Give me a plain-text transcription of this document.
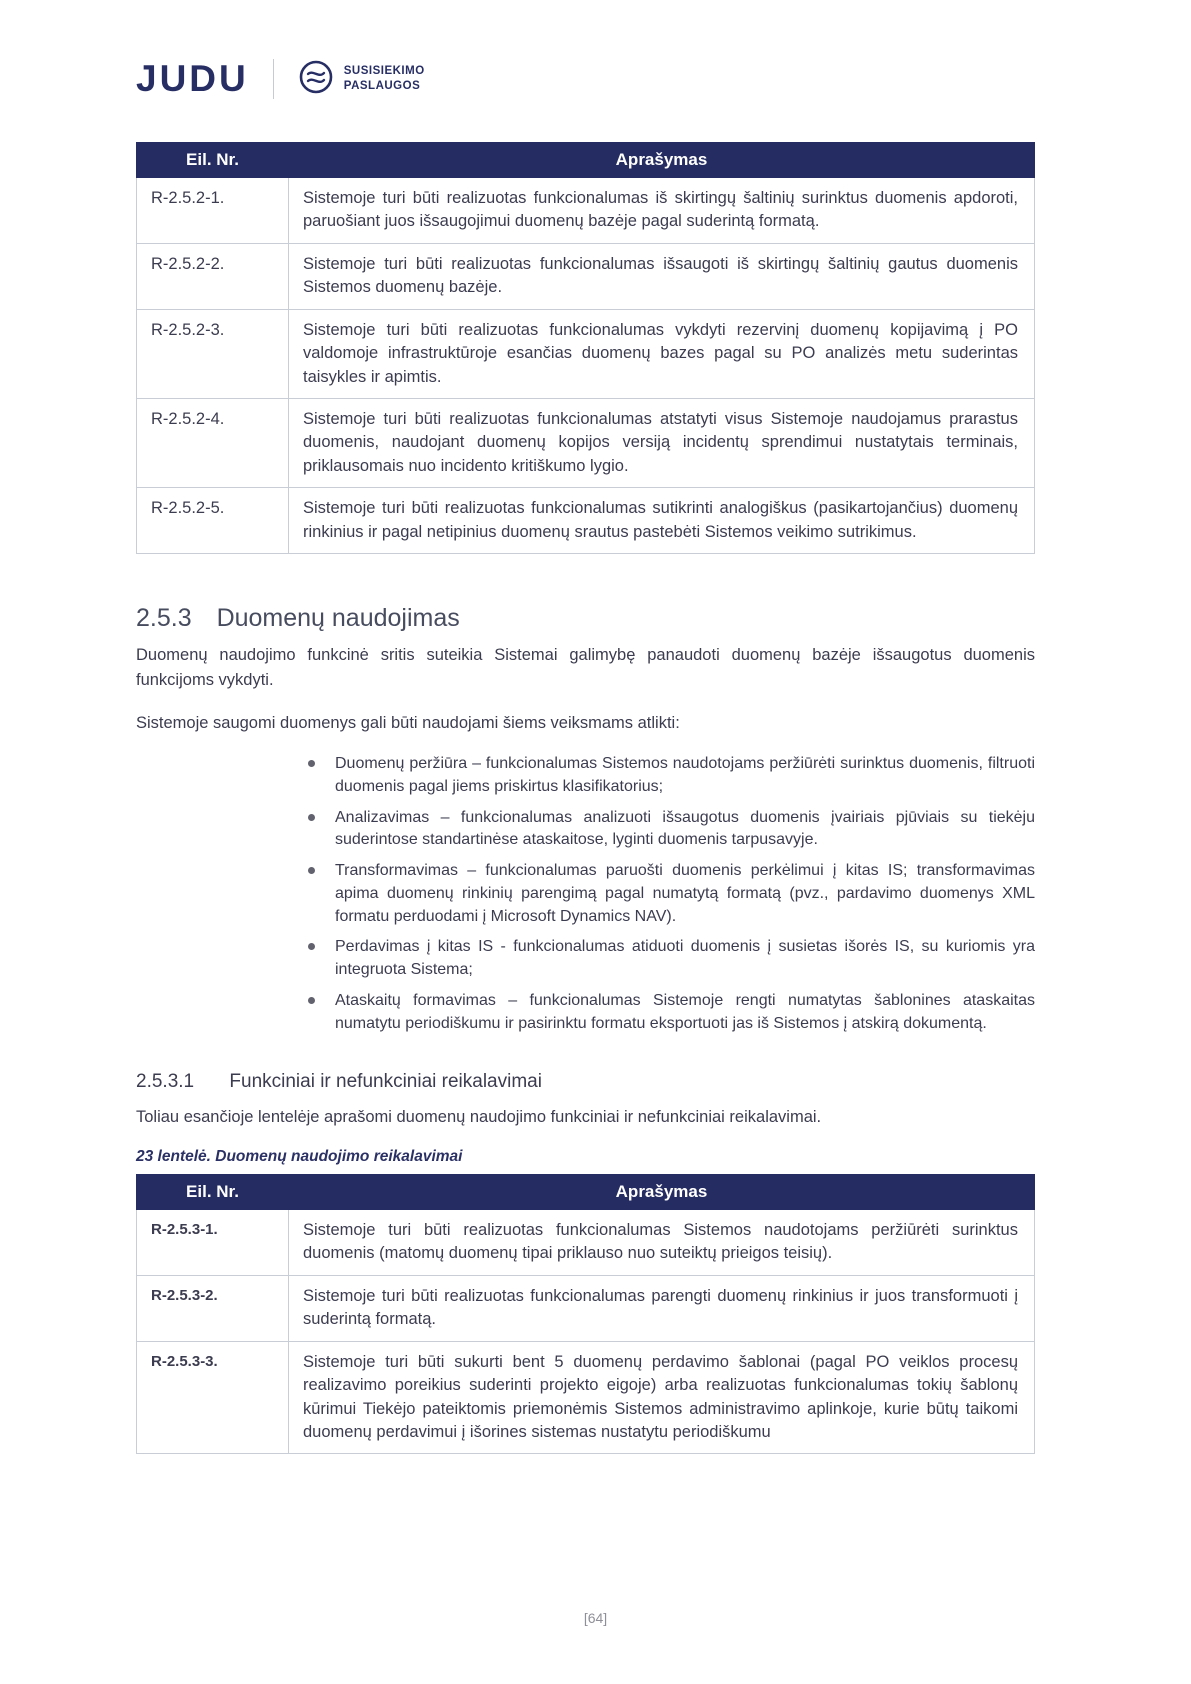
JUDU	SUSISIEKIMO
PASLAUGOS
Eil. Nr.	Aprašymas
R-2.5.2-1.	Sistemoje turi būti realizuotas funkcionalumas iš skirtingų šaltinių surinktus duomenis apdoroti, paruošiant juos išsaugojimui duomenų bazėje pagal suderintą formatą.
R-2.5.2-2.	Sistemoje turi būti realizuotas funkcionalumas išsaugoti iš skirtingų šaltinių gautus duomenis Sistemos duomenų bazėje.
R-2.5.2-3.	Sistemoje turi būti realizuotas funkcionalumas vykdyti rezervinį duomenų kopijavimą į PO valdomoje infrastruktūroje esančias duomenų bazes pagal su PO analizės metu suderintas taisykles ir apimtis.
R-2.5.2-4.	Sistemoje turi būti realizuotas funkcionalumas atstatyti visus Sistemoje naudojamus prarastus duomenis, naudojant duomenų kopijos versiją incidentų sprendimui nustatytais terminais, priklausomais nuo incidento kritiškumo lygio.
R-2.5.2-5.	Sistemoje turi būti realizuotas funkcionalumas sutikrinti analogiškus (pasikartojančius) duomenų rinkinius ir pagal netipinius duomenų srautus pastebėti Sistemos veikimo sutrikimus.
2.5.3 Duomenų naudojimas

Duomenų naudojimo funkcinė sritis suteikia Sistemai galimybę panaudoti duomenų bazėje išsaugotus duomenis funkcijoms vykdyti.

Sistemoje saugomi duomenys gali būti naudojami šiems veiksmams atlikti:

Duomenų peržiūra – funkcionalumas Sistemos naudotojams peržiūrėti surinktus duomenis, filtruoti duomenis pagal jiems priskirtus klasifikatorius;
Analizavimas – funkcionalumas analizuoti išsaugotus duomenis įvairiais pjūviais su tiekėju suderintose standartinėse ataskaitose, lyginti duomenis tarpusavyje.
Transformavimas – funkcionalumas paruošti duomenis perkėlimui į kitas IS; transformavimas apima duomenų rinkinių parengimą pagal numatytą formatą (pvz., pardavimo duomenys XML formatu perduodami į Microsoft Dynamics NAV).
Perdavimas į kitas IS - funkcionalumas atiduoti duomenis į susietas išorės IS, su kuriomis yra integruota Sistema;
Ataskaitų formavimas – funkcionalumas Sistemoje rengti numatytas šablonines ataskaitas numatytu periodiškumu ir pasirinktu formatu eksportuoti jas iš Sistemos į atskirą dokumentą.
2.5.3.1 Funkciniai ir nefunkciniai reikalavimai

Toliau esančioje lentelėje aprašomi duomenų naudojimo funkciniai ir nefunkciniai reikalavimai.

23 lentelė. Duomenų naudojimo reikalavimai

Eil. Nr.	Aprašymas
R-2.5.3-1.	Sistemoje turi būti realizuotas funkcionalumas Sistemos naudotojams peržiūrėti surinktus duomenis (matomų duomenų tipai priklauso nuo suteiktų prieigos teisių).
R-2.5.3-2.	Sistemoje turi būti realizuotas funkcionalumas parengti duomenų rinkinius ir juos transformuoti į suderintą formatą.
R-2.5.3-3.	Sistemoje turi būti sukurti bent 5 duomenų perdavimo šablonai (pagal PO veiklos procesų realizavimo poreikius suderinti projekto eigoje) arba realizuotas funkcionalumas tokių šablonų kūrimui Tiekėjo pateiktomis priemonėmis Sistemos administravimo aplinkoje, kurie būtų taikomi duomenų perdavimui į išorines sistemas nustatytu periodiškumu
[64]
